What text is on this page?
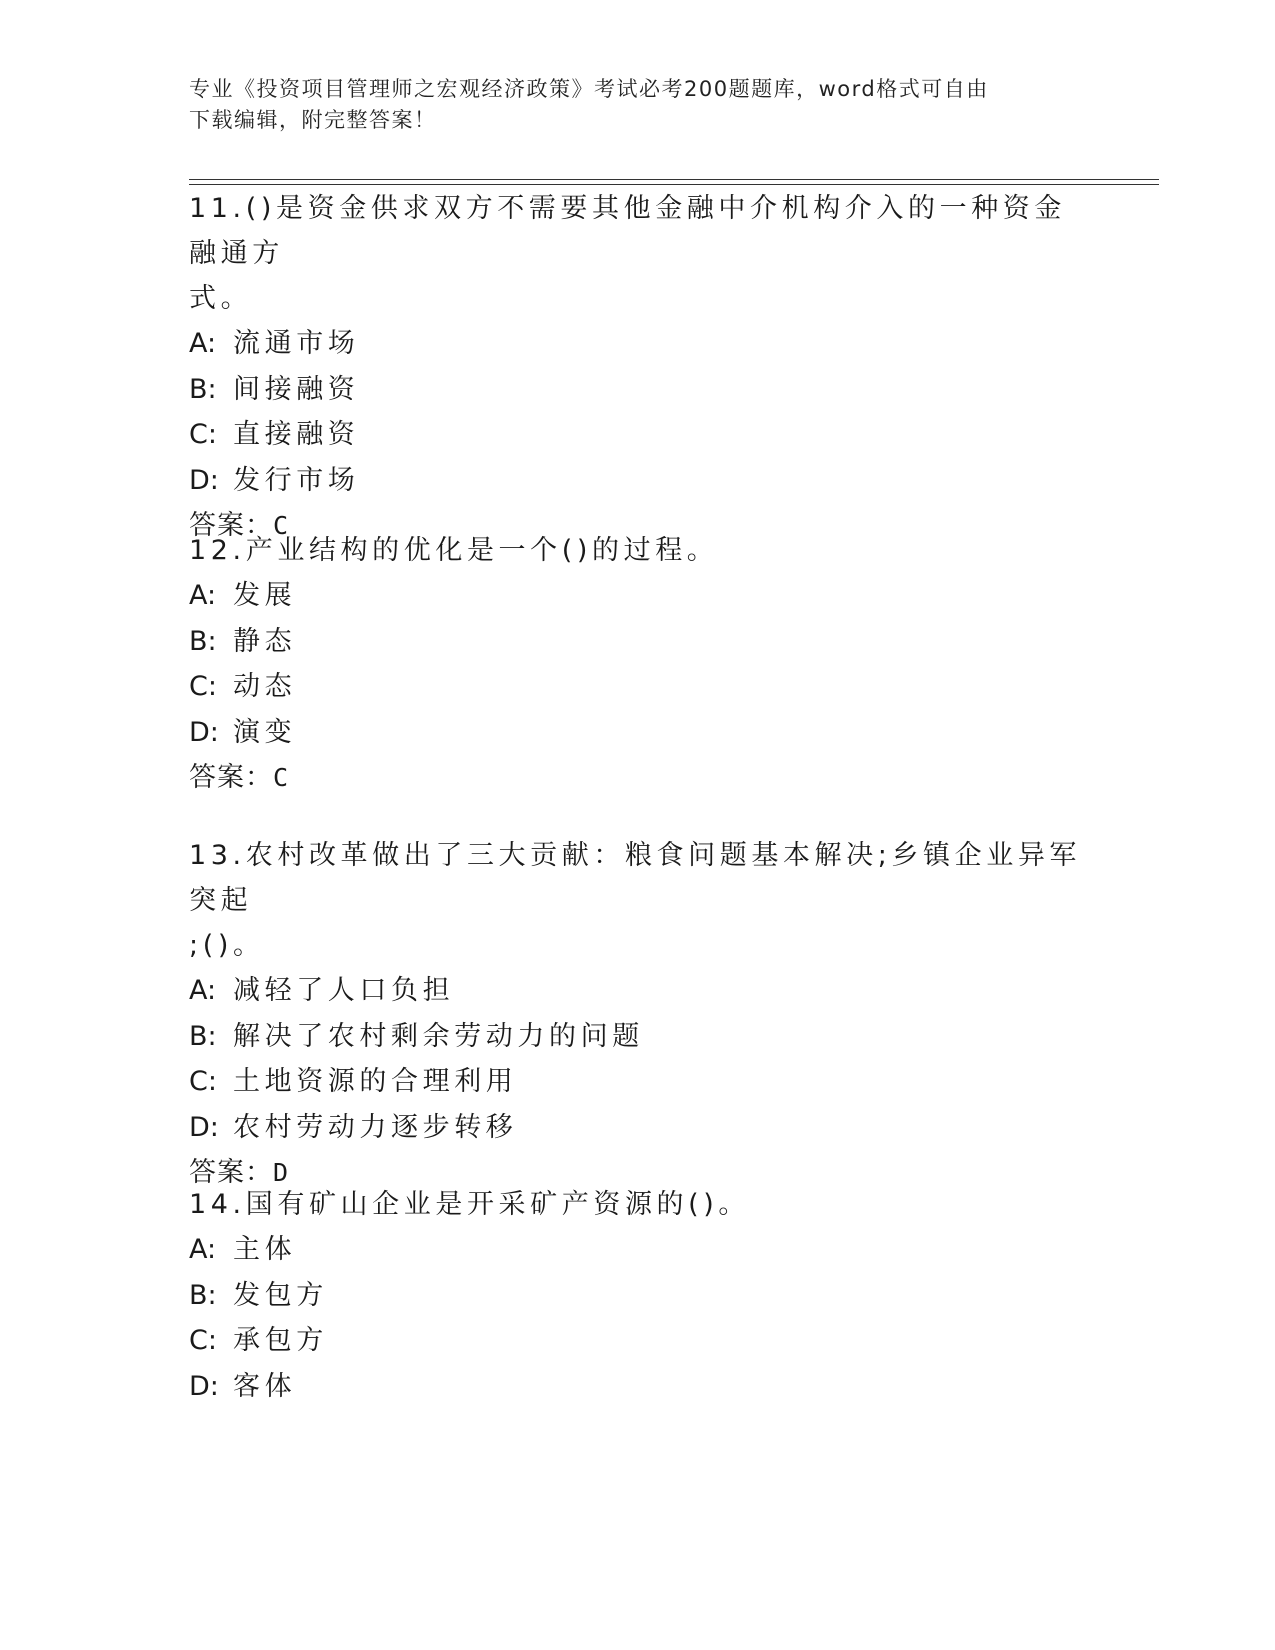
专业《投资项目管理师之宏观经济政策》考试必考200题题库，word格式可自由
下载编辑，附完整答案！
11.()是资金供求双方不需要其他金融中介机构介入的一种资金融通方
式。
A: 流通市场
B: 间接融资
C: 直接融资
D: 发行市场
答案：C
12.产业结构的优化是一个()的过程。
A: 发展
B: 静态
C: 动态
D: 演变
答案：C
13.农村改革做出了三大贡献：粮食问题基本解决;乡镇企业异军突起
;()。
A: 减轻了人口负担
B: 解决了农村剩余劳动力的问题
C: 土地资源的合理利用
D: 农村劳动力逐步转移
答案：D
14.国有矿山企业是开采矿产资源的()。
A: 主体
B: 发包方
C: 承包方
D: 客体
